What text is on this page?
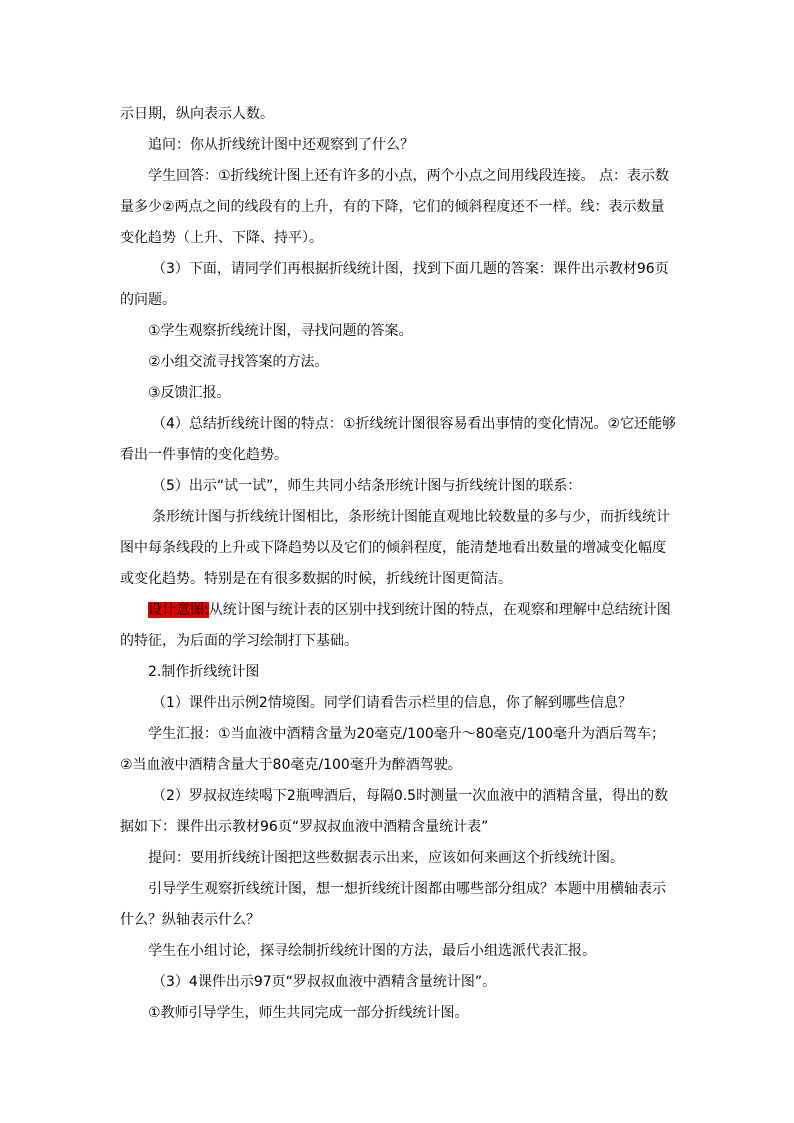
示日期，纵向表示人数。

追问：你从折线统计图中还观察到了什么？

学生回答：①折线统计图上还有许多的小点，两个小点之间用线段连接。 点：表示数量多少②两点之间的线段有的上升，有的下降，它们的倾斜程度还不一样。线：表示数量变化趋势（上升、下降、持平）。

（3）下面，请同学们再根据折线统计图，找到下面几题的答案：课件出示教材96页的问题。

①学生观察折线统计图，寻找问题的答案。

②小组交流寻找答案的方法。

③反馈汇报。

（4）总结折线统计图的特点：①折线统计图很容易看出事情的变化情况。②它还能够看出一件事情的变化趋势。

（5）出示“试一试”，师生共同小结条形统计图与折线统计图的联系：

条形统计图与折线统计图相比，条形统计图能直观地比较数量的多与少，而折线统计图中每条线段的上升或下降趋势以及它们的倾斜程度，能清楚地看出数量的增减变化幅度或变化趋势。特别是在有很多数据的时候，折线统计图更简洁。

设计意图:从统计图与统计表的区别中找到统计图的特点，在观察和理解中总结统计图的特征，为后面的学习绘制打下基础。

2.制作折线统计图

（1）课件出示例2情境图。同学们请看告示栏里的信息，你了解到哪些信息？

学生汇报：①当血液中酒精含量为20毫克/100毫升～80毫克/100毫升为酒后驾车；②当血液中酒精含量大于80毫克/100毫升为醉酒驾驶。

（2）罗叔叔连续喝下2瓶啤酒后，每隔0.5时测量一次血液中的酒精含量，得出的数据如下：课件出示教材96页“罗叔叔血液中酒精含量统计表”

提问：要用折线统计图把这些数据表示出来，应该如何来画这个折线统计图。

引导学生观察折线统计图，想一想折线统计图都由哪些部分组成？本题中用横轴表示什么？纵轴表示什么？

学生在小组讨论，探寻绘制折线统计图的方法，最后小组选派代表汇报。

（3）4课件出示97页“罗叔叔血液中酒精含量统计图”。

①教师引导学生，师生共同完成一部分折线统计图。
